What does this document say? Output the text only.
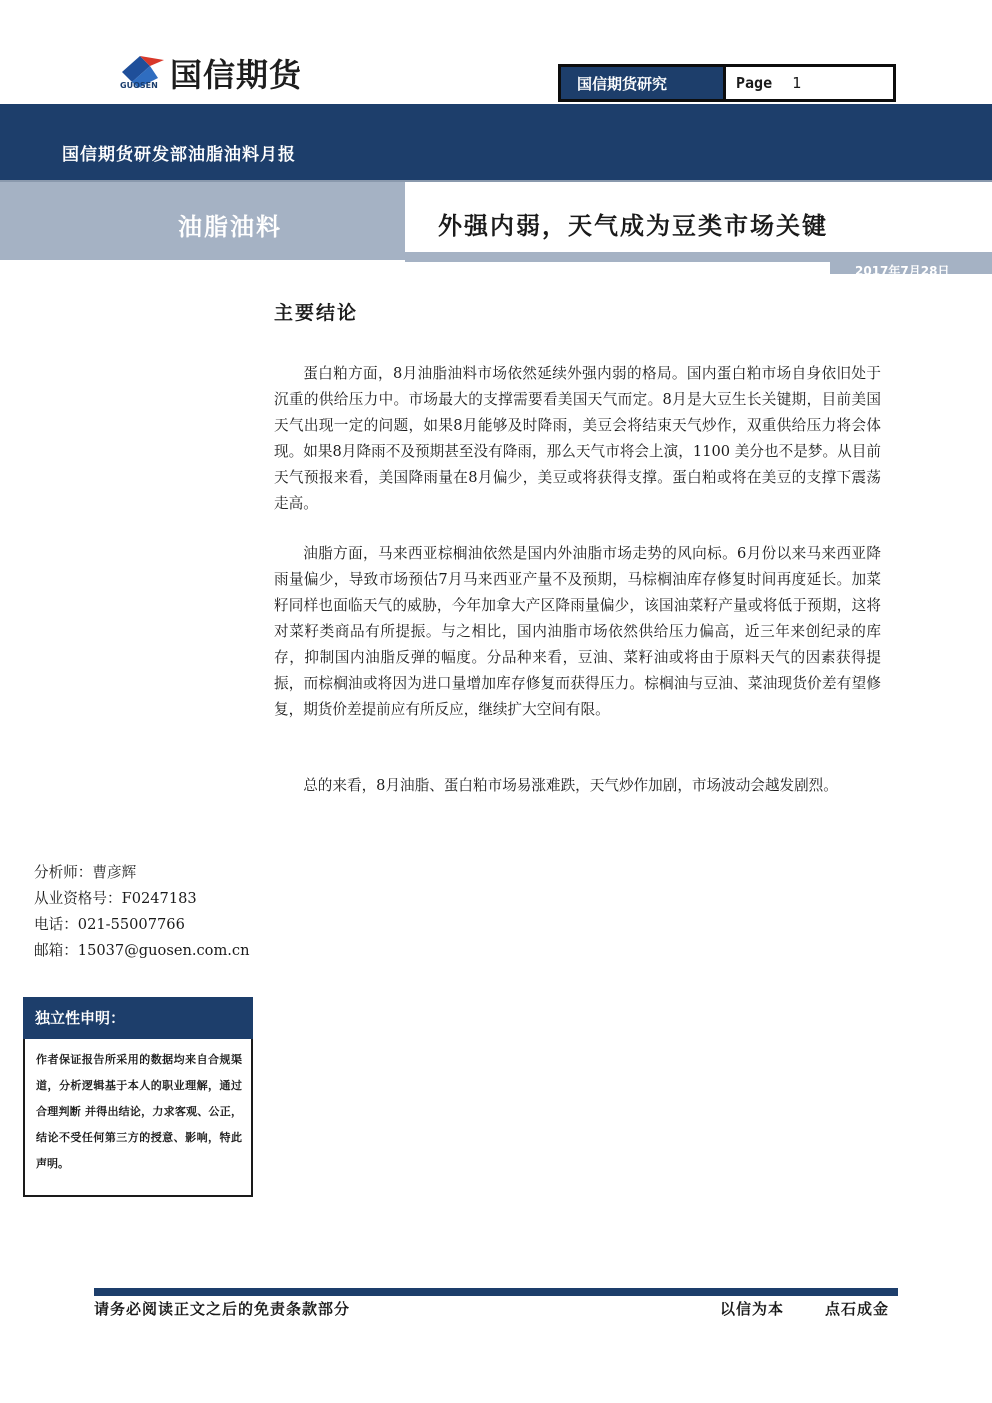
国信期货
GUOSEN	国信期货研究	Page 1
国信期货研发部油脂油料月报
油脂油料	外强内弱，天气成为豆类市场关键
2017年7月28日
主要结论

蛋白粕方面，8月油脂油料市场依然延续外强内弱的格局。国内蛋白粕市场自身依旧处于沉重的供给压力中。市场最大的支撑需要看美国天气而定。8月是大豆生长关键期，目前美国天气出现一定的问题，如果8月能够及时降雨，美豆会将结束天气炒作，双重供给压力将会体现。如果8月降雨不及预期甚至没有降雨，那么天气市将会上演，1100 美分也不是梦。从目前天气预报来看，美国降雨量在8月偏少，美豆或将获得支撑。蛋白粕或将在美豆的支撑下震荡走高。

油脂方面，马来西亚棕榈油依然是国内外油脂市场走势的风向标。6月份以来马来西亚降雨量偏少，导致市场预估7月马来西亚产量不及预期，马棕榈油库存修复时间再度延长。加菜籽同样也面临天气的威胁，今年加拿大产区降雨量偏少，该国油菜籽产量或将低于预期，这将对菜籽类商品有所提振。与之相比，国内油脂市场依然供给压力偏高，近三年来创纪录的库存，抑制国内油脂反弹的幅度。分品种来看，豆油、菜籽油或将由于原料天气的因素获得提振，而棕榈油或将因为进口量增加库存修复而获得压力。棕榈油与豆油、菜油现货价差有望修复，期货价差提前应有所反应，继续扩大空间有限。

总的来看，8月油脂、蛋白粕市场易涨难跌，天气炒作加剧，市场波动会越发剧烈。

分析师：曹彦辉
从业资格号：F0247183
电话：021-55007766
邮箱：15037@guosen.com.cn
独立性申明：
作者保证报告所采用的数据均来自合规渠道，分析逻辑基于本人的职业理解，通过合理判断 并得出结论，力求客观、公正，结论不受任何第三方的授意、影响，特此声明。
请务必阅读正文之后的免责条款部分	以信为本	点石成金
